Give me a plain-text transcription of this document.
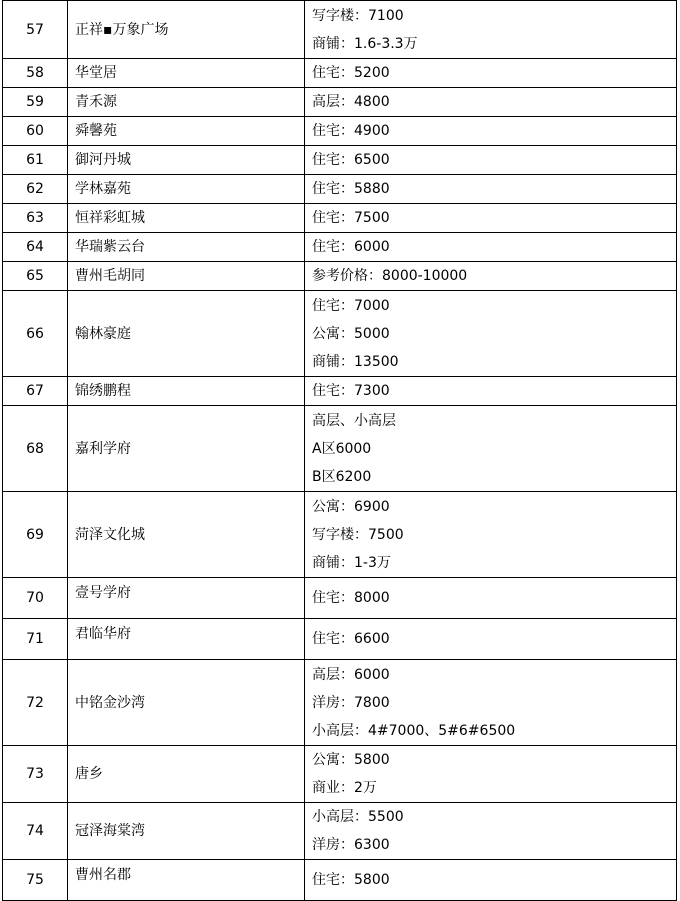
57	正祥▪万象广场	写字楼：7100
商铺：1.6-3.3万

58	华堂居	住宅：5200

59	青禾源	高层：4800

60	舜馨苑	住宅：4900

61	御河丹城	住宅：6500

62	学林嘉苑	住宅：5880

63	恒祥彩虹城	住宅：7500

64	华瑞紫云台	住宅：6000

65	曹州毛胡同	参考价格：8000-10000

66	翰林豪庭	住宅：7000
公寓：5000
商铺：13500

67	锦绣鹏程	住宅：7300

68	嘉利学府	高层、小高层
A区6000
B区6200

69	菏泽文化城	公寓：6900
写字楼：7500
商铺：1-3万

70	壹号学府	住宅：8000

71	君临华府	住宅：6600

72	中铭金沙湾	高层：6000
洋房：7800
小高层：4#7000、5#6#6500

73	唐乡	公寓：5800
商业：2万

74	冠泽海棠湾	小高层：5500
洋房：6300

75	曹州名郡	住宅：5800
